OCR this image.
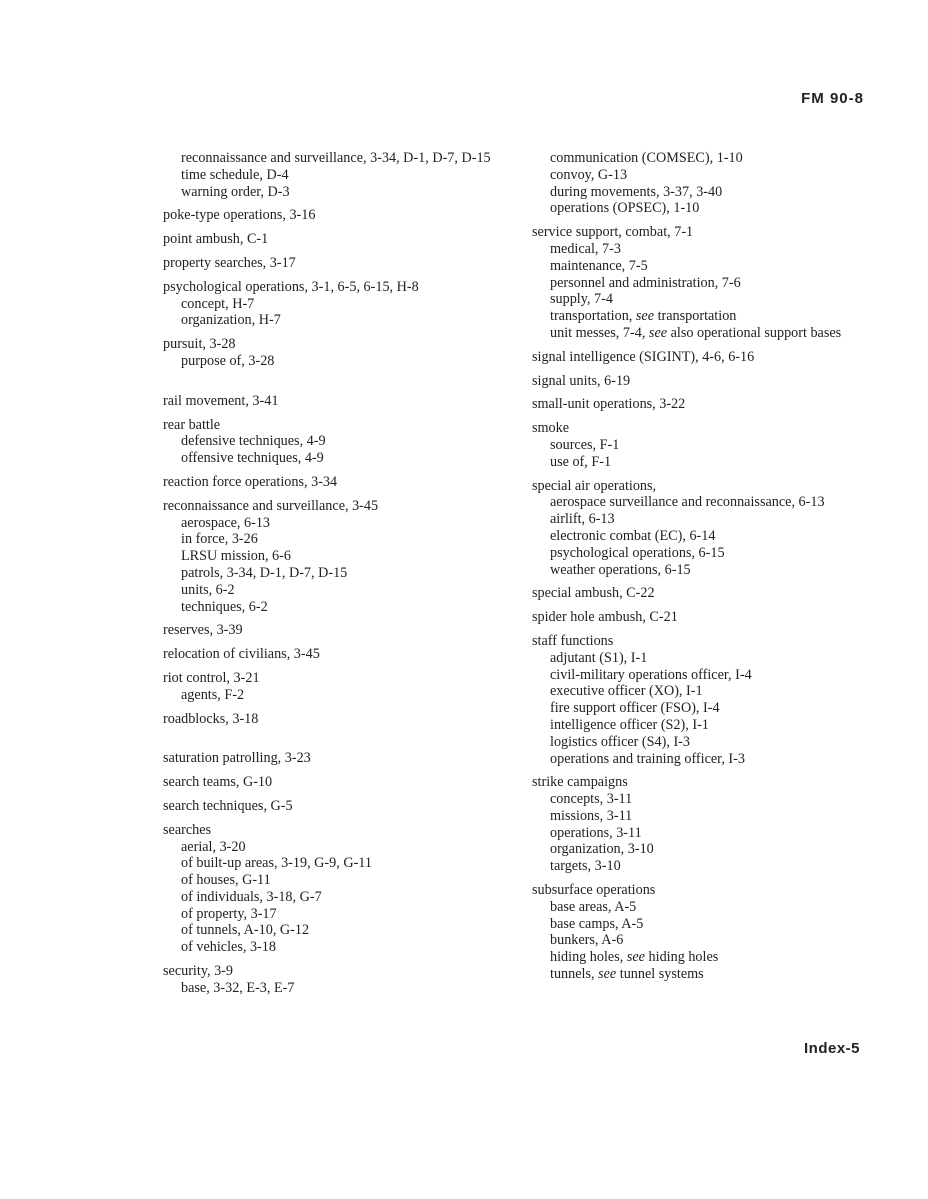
FM 90-8
reconnaissance and surveillance, 3-34, D-1, D-7, D-15
time schedule, D-4
warning order, D-3
poke-type operations, 3-16
point ambush, C-1
property searches, 3-17
psychological operations, 3-1, 6-5, 6-15, H-8
concept, H-7
organization, H-7
pursuit, 3-28
purpose of, 3-28
rail movement, 3-41
rear battle
defensive techniques, 4-9
offensive techniques, 4-9
reaction force operations, 3-34
reconnaissance and surveillance, 3-45
aerospace, 6-13
in force, 3-26
LRSU mission, 6-6
patrols, 3-34, D-1, D-7, D-15
units, 6-2
techniques, 6-2
reserves, 3-39
relocation of civilians, 3-45
riot control, 3-21
agents, F-2
roadblocks, 3-18
saturation patrolling, 3-23
search teams, G-10
search techniques, G-5
searches
aerial, 3-20
of built-up areas, 3-19, G-9, G-11
of houses, G-11
of individuals, 3-18, G-7
of property, 3-17
of tunnels, A-10, G-12
of vehicles, 3-18
security, 3-9
base, 3-32, E-3, E-7
communication (COMSEC), 1-10
convoy, G-13
during movements, 3-37, 3-40
operations (OPSEC), 1-10
service support, combat, 7-1
medical, 7-3
maintenance, 7-5
personnel and administration, 7-6
supply, 7-4
transportation, see transportation
unit messes, 7-4, see also operational support bases
signal intelligence (SIGINT), 4-6, 6-16
signal units, 6-19
small-unit operations, 3-22
smoke
sources, F-1
use of, F-1
special air operations,
aerospace surveillance and reconnaissance, 6-13
airlift, 6-13
electronic combat (EC), 6-14
psychological operations, 6-15
weather operations, 6-15
special ambush, C-22
spider hole ambush, C-21
staff functions
adjutant (S1), I-1
civil-military operations officer, I-4
executive officer (XO), I-1
fire support officer (FSO), I-4
intelligence officer (S2), I-1
logistics officer (S4), I-3
operations and training officer, I-3
strike campaigns
concepts, 3-11
missions, 3-11
operations, 3-11
organization, 3-10
targets, 3-10
subsurface operations
base areas, A-5
base camps, A-5
bunkers, A-6
hiding holes, see hiding holes
tunnels, see tunnel systems
Index-5
